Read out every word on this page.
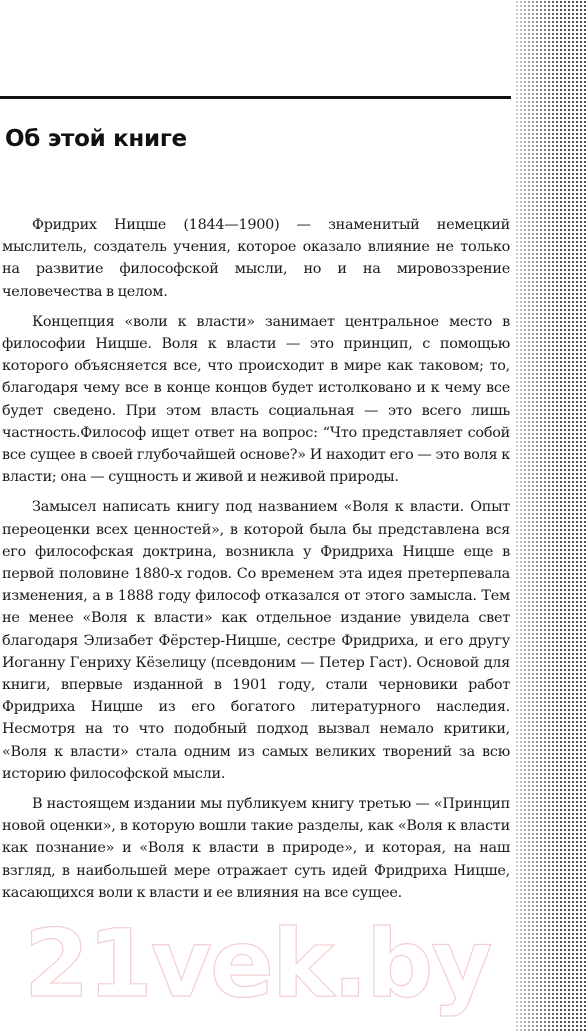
Об этой книге

Фридрих Ницше (1844—1900) — знаменитый немецкий мыслитель, создатель учения, которое оказало влияние не только на развитие философской мысли, но и на мировоззрение человечества в целом.

Концепция «воли к власти» занимает центральное место в философии Ницше. Воля к власти — это принцип, с помощью которого объясняется все, что происходит в мире как таковом; то, благодаря чему все в конце концов будет истолковано и к чему все будет сведено. При этом власть социальная — это всего лишь частность.Философ ищет ответ на вопрос: “Что представляет собой все сущее в своей глубочайшей основе?» И находит его — это воля к власти; она — сущность и живой и неживой природы.

Замысел написать книгу под названием «Воля к власти. Опыт переоценки всех ценностей», в которой была бы представлена вся его философская доктрина, возникла у Фридриха Ницше еще в первой половине 1880-х годов. Со временем эта идея претерпевала изменения, а в 1888 году философ отказался от этого замысла. Тем не менее «Воля к власти» как отдельное издание увидела свет благодаря Элизабет Фёрстер-Ницше, сестре Фридриха, и его другу Иоганну Генриху Кёзелицу (псевдоним — Петер Гаст). Основой для книги, впервые изданной в 1901 году, стали черновики работ Фридриха Ницше из его богатого литературного наследия. Несмотря на то что подобный подход вызвал немало критики, «Воля к власти» стала одним из самых великих творений за всю историю философской мысли.

В настоящем издании мы публикуем книгу третью — «Принцип новой оценки», в которую вошли такие разделы, как «Воля к власти как познание» и «Воля к власти в природе», и которая, на наш взгляд, в наибольшей мере отражает суть идей Фридриха Ницше, касающихся воли к власти и ее влияния на все сущее.

21vek.by
